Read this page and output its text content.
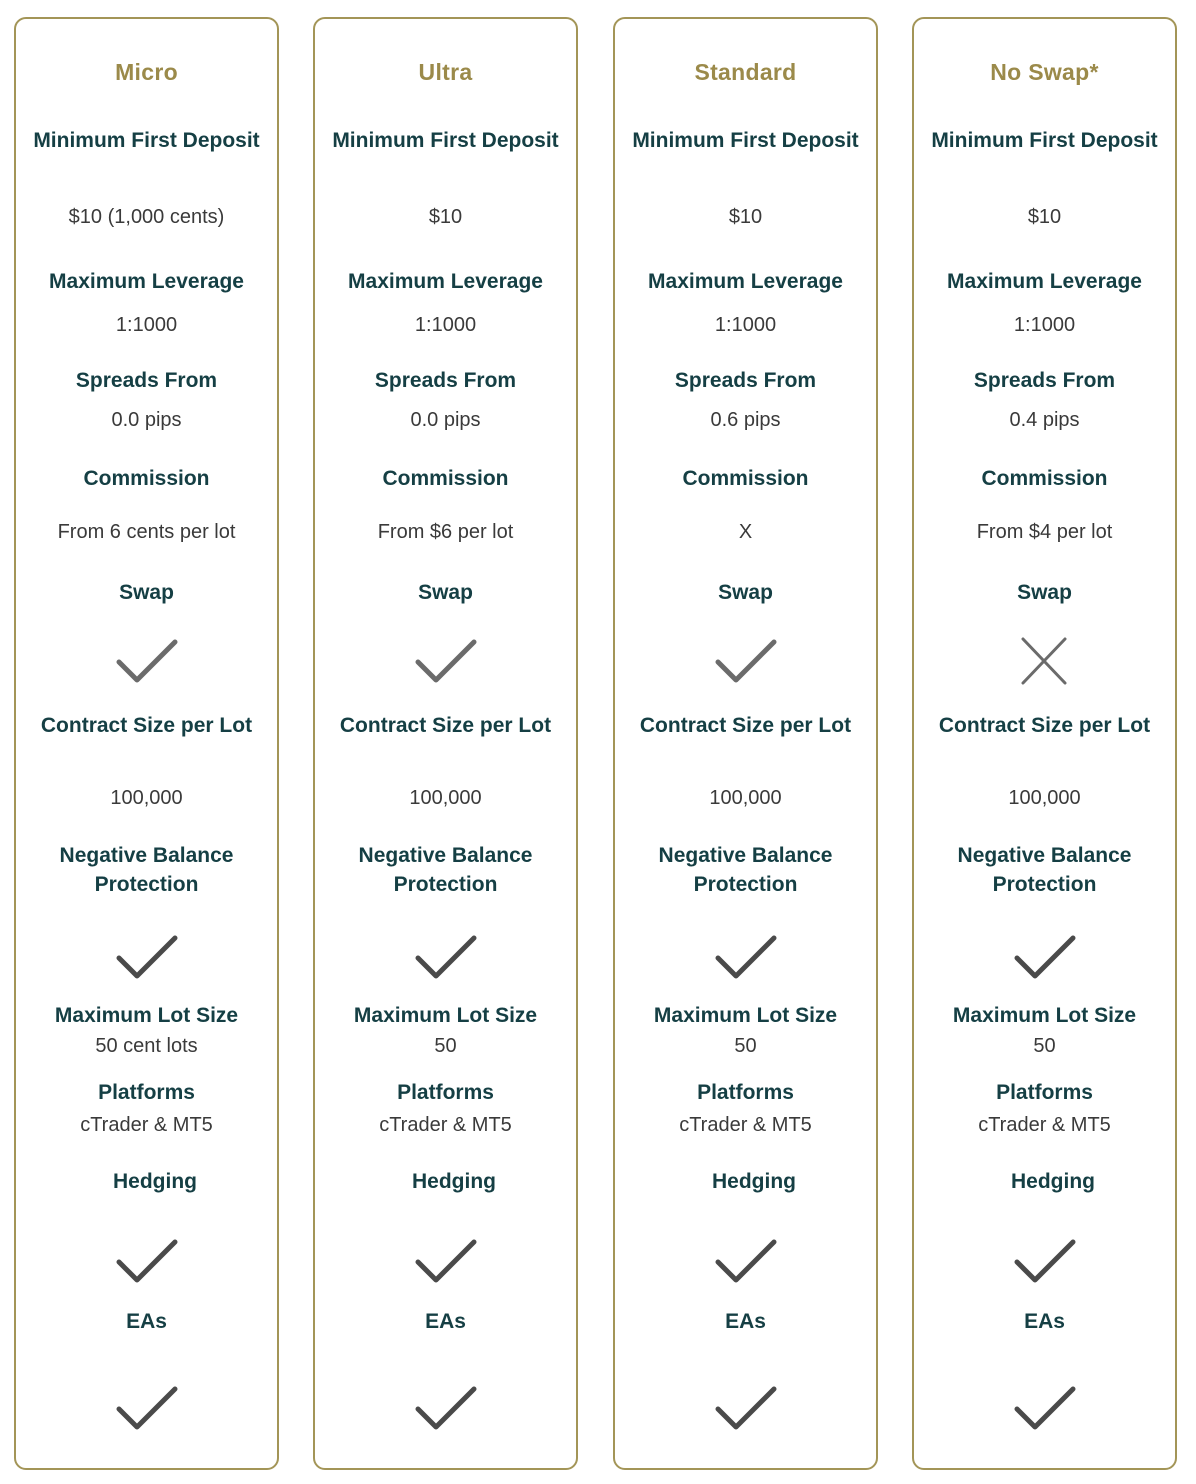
Micro
Minimum First Deposit
$10 (1,000 cents)
Maximum Leverage
1:1000
Spreads From
0.0 pips
Commission
From 6 cents per lot
Swap
Contract Size per Lot
100,000
Negative Balance Protection
Maximum Lot Size
50 cent lots
Platforms
cTrader & MT5
Hedging
EAs
Ultra
Minimum First Deposit
$10
Maximum Leverage
1:1000
Spreads From
0.0 pips
Commission
From $6 per lot
Swap
Contract Size per Lot
100,000
Negative Balance Protection
Maximum Lot Size
50
Platforms
cTrader & MT5
Hedging
EAs
Standard
Minimum First Deposit
$10
Maximum Leverage
1:1000
Spreads From
0.6 pips
Commission
X
Swap
Contract Size per Lot
100,000
Negative Balance Protection
Maximum Lot Size
50
Platforms
cTrader & MT5
Hedging
EAs
No Swap*
Minimum First Deposit
$10
Maximum Leverage
1:1000
Spreads From
0.4 pips
Commission
From $4 per lot
Swap
Contract Size per Lot
100,000
Negative Balance Protection
Maximum Lot Size
50
Platforms
cTrader & MT5
Hedging
EAs
